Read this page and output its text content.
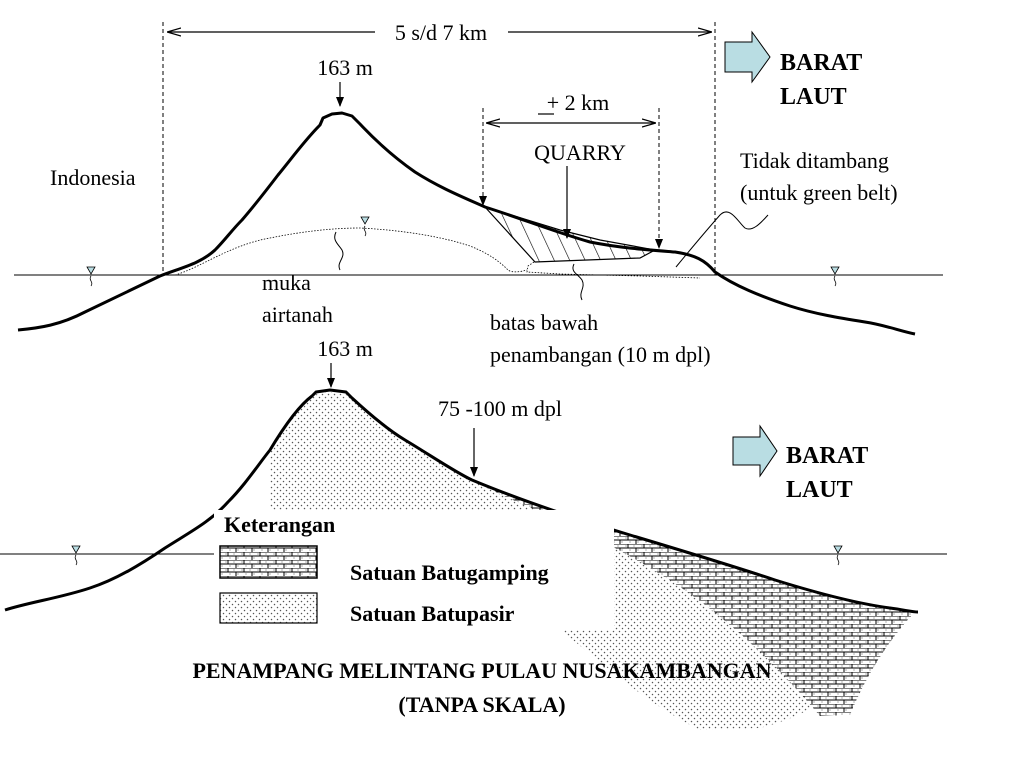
5 s/d 7 km
163 m
+ 2 km
QUARRY
Indonesia
BARAT
LAUT
Tidak ditambang
(untuk green belt)
muka
airtanah	batas bawah
penambangan (10 m dpl)
163 m
75 -100 m dpl
BARAT
LAUT
Keterangan
Satuan Batugamping
Satuan Batupasir
PENAMPANG MELINTANG PULAU NUSAKAMBANGAN
(TANPA SKALA)
